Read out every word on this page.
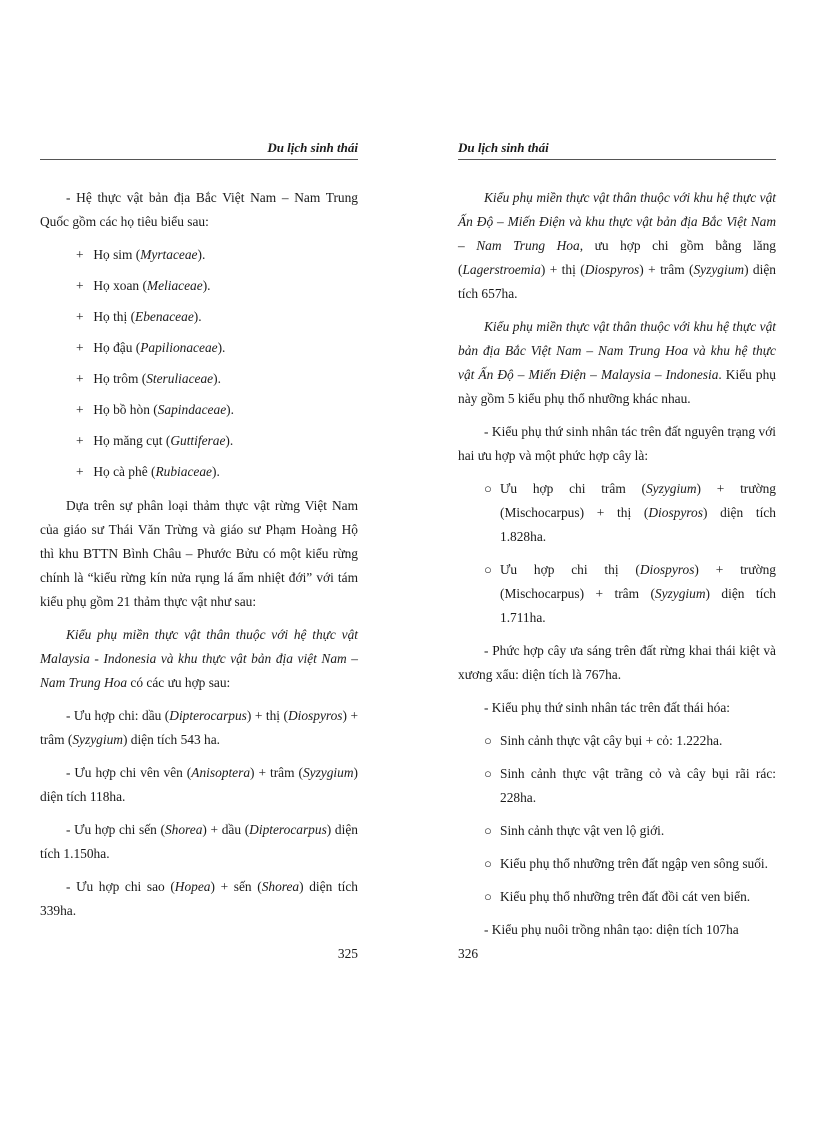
Du lịch sinh thái

- Hệ thực vật bản địa Bắc Việt Nam – Nam Trung Quốc gồm các họ tiêu biểu sau:

+ Họ sim (Myrtaceae).
+ Họ xoan (Meliaceae).
+ Họ thị (Ebenaceae).
+ Họ đậu (Papilionaceae).
+ Họ trôm (Steruliaceae).
+ Họ bồ hòn (Sapindaceae).
+ Họ măng cụt (Guttiferae).
+ Họ cà phê (Rubiaceae).

Dựa trên sự phân loại thảm thực vật rừng Việt Nam của giáo sư Thái Văn Trừng và giáo sư Phạm Hoàng Hộ thì khu BTTN Bình Châu – Phước Bửu có một kiểu rừng chính là “kiểu rừng kín nửa rụng lá ẩm nhiệt đới” với tám kiểu phụ gồm 21 thảm thực vật như sau:

Kiểu phụ miền thực vật thân thuộc với hệ thực vật Malaysia - Indonesia và khu thực vật bản địa việt Nam – Nam Trung Hoa có các ưu hợp sau:

- Ưu hợp chi: dầu (Dipterocarpus) + thị (Diospyros) + trâm (Syzygium) diện tích 543 ha.

- Ưu hợp chi vên vên (Anisoptera) + trâm (Syzygium) diện tích 118ha.

- Ưu hợp chi sến (Shorea) + dầu (Dipterocarpus) diện tích 1.150ha.

- Ưu hợp chi sao (Hopea) + sến (Shorea) diện tích 339ha.

325
Du lịch sinh thái

Kiểu phụ miền thực vật thân thuộc với khu hệ thực vật Ấn Độ – Miến Điện và khu thực vật bản địa Bắc Việt Nam – Nam Trung Hoa, ưu hợp chi gồm bằng lăng (Lagerstroemia) + thị (Diospyros) + trâm (Syzygium) diện tích 657ha.

Kiểu phụ miền thực vật thân thuộc với khu hệ thực vật bản địa Bắc Việt Nam – Nam Trung Hoa và khu hệ thực vật Ấn Độ – Miến Điện – Malaysia – Indonesia. Kiểu phụ này gồm 5 kiểu phụ thổ nhưỡng khác nhau.

- Kiểu phụ thứ sinh nhân tác trên đất nguyên trạng với hai ưu hợp và một phức hợp cây là:

○ Ưu hợp chi trâm (Syzygium) + trường (Mischocarpus) + thị (Diospyros) diện tích 1.828ha.
○ Ưu hợp chi thị (Diospyros) + trường (Mischocarpus) + trâm (Syzygium) diện tích 1.711ha.

- Phức hợp cây ưa sáng trên đất rừng khai thái kiệt và xương xẩu: diện tích là 767ha.

- Kiểu phụ thứ sinh nhân tác trên đất thái hóa:

○ Sinh cảnh thực vật cây bụi + cỏ: 1.222ha.
○ Sinh cảnh thực vật trãng cỏ và cây bụi rãi rác: 228ha.
○ Sinh cảnh thực vật ven lộ giới.
○ Kiểu phụ thổ nhưỡng trên đất ngập ven sông suối.
○ Kiểu phụ thổ nhưỡng trên đất đồi cát ven biển.

- Kiểu phụ nuôi trồng nhân tạo: diện tích 107ha

326
